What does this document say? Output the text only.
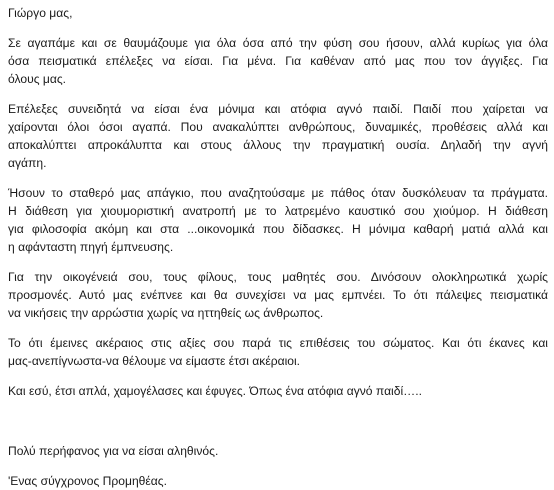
Γιώργο μας,

Σε αγαπάμε και σε θαυμάζουμε για όλα όσα από την φύση σου ήσουν, αλλά κυρίως για όλα
όσα πεισματικά επέλεξες να είσαι. Για μένα. Για καθέναν από μας που τον άγγιξες. Για
όλους μας.

Επέλεξες συνειδητά να είσαι ένα μόνιμα και ατόφια αγνό παιδί. Παιδί που χαίρεται να
χαίρονται όλοι όσοι αγαπά. Που ανακαλύπτει ανθρώπους, δυναμικές, προθέσεις αλλά και
αποκαλύπτει απροκάλυπτα και στους άλλους την πραγματική ουσία. Δηλαδή την αγνή
αγάπη.

Ήσουν το σταθερό μας απάγκιο, που αναζητούσαμε με πάθος όταν δυσκόλευαν τα πράγματα.
Η διάθεση για χιουμοριστική ανατροπή με το λατρεμένο καυστικό σου χιούμορ. Η διάθεση
για φιλοσοφία ακόμη και στα ...οικονομικά που δίδασκες. Η μόνιμα καθαρή ματιά αλλά και
η αφάνταστη πηγή έμπνευσης.

Για την οικογένειά σου, τους φίλους, τους μαθητές σου. Δινόσουν ολοκληρωτικά χωρίς
προσμονές. Αυτό μας ενέπνεε και θα συνεχίσει να μας εμπνέει. Το ότι πάλεψες πεισματικά
να νικήσεις την αρρώστια χωρίς να ηττηθείς ως άνθρωπος.

Το ότι έμεινες ακέραιος στις αξίες σου παρά τις επιθέσεις του σώματος. Και ότι έκανες και
μας-ανεπίγνωστα-να θέλουμε να είμαστε έτσι ακέραιοι.

Και εσύ, έτσι απλά, χαμογέλασες και έφυγες. Όπως ένα ατόφια αγνό παιδί…..

Πολύ περήφανος για να είσαι αληθινός.

'Ενας σύγχρονος Προμηθέας.
